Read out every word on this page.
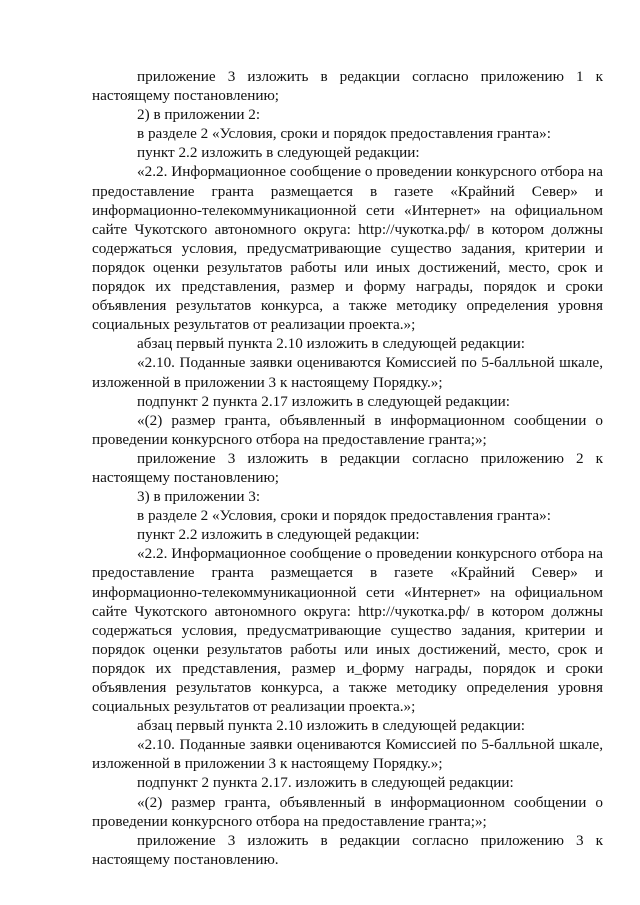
приложение 3 изложить в редакции согласно приложению 1 к настоящему постановлению;

2) в приложении 2:

в разделе 2 «Условия, сроки и порядок предоставления гранта»:

пункт 2.2 изложить в следующей редакции:

«2.2. Информационное сообщение о проведении конкурсного отбора на предоставление гранта размещается в газете «Крайний Север» и информационно-телекоммуникационной сети «Интернет» на официальном сайте Чукотского автономного округа: http://чукотка.рф/ в котором должны содержаться условия, предусматривающие существо задания, критерии и порядок оценки результатов работы или иных достижений, место, срок и порядок их представления, размер и форму награды, порядок и сроки объявления результатов конкурса, а также методику определения уровня социальных результатов от реализации проекта.»;

абзац первый пункта 2.10 изложить в следующей редакции:

«2.10. Поданные заявки оцениваются Комиссией по 5-балльной шкале, изложенной в приложении 3 к настоящему Порядку.»;

подпункт 2 пункта 2.17 изложить в следующей редакции:

«(2) размер гранта, объявленный в информационном сообщении о проведении конкурсного отбора на предоставление гранта;»;

приложение 3 изложить в редакции согласно приложению 2 к настоящему постановлению;

3) в приложении 3:

в разделе 2 «Условия, сроки и порядок предоставления гранта»:

пункт 2.2 изложить в следующей редакции:

«2.2. Информационное сообщение о проведении конкурсного отбора на предоставление гранта размещается в газете «Крайний Север» и информационно-телекоммуникационной сети «Интернет» на официальном сайте Чукотского автономного округа: http://чукотка.рф/ в котором должны содержаться условия, предусматривающие существо задания, критерии и порядок оценки результатов работы или иных достижений, место, срок и порядок их представления, размер и_форму награды, порядок и сроки объявления результатов конкурса, а также методику определения уровня социальных результатов от реализации проекта.»;

абзац первый пункта 2.10 изложить в следующей редакции:

«2.10. Поданные заявки оцениваются Комиссией по 5-балльной шкале, изложенной в приложении 3 к настоящему Порядку.»;

подпункт 2 пункта 2.17. изложить в следующей редакции:

«(2) размер гранта, объявленный в информационном сообщении о проведении конкурсного отбора на предоставление гранта;»;

приложение 3 изложить в редакции согласно приложению 3 к настоящему постановлению.
